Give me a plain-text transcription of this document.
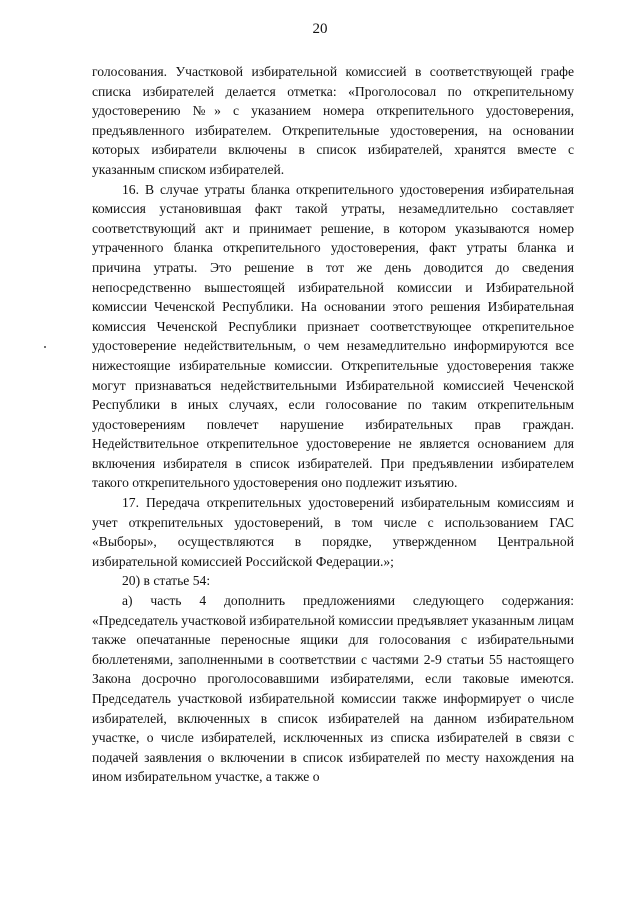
20

голосования. Участковой избирательной комиссией в соответствующей графе списка избирателей делается отметка: «Проголосовал по открепительному удостоверению №» с указанием номера открепительного удостоверения, предъявленного избирателем. Открепительные удостоверения, на основании которых избиратели включены в список избирателей, хранятся вместе с указанным списком избирателей.

16. В случае утраты бланка открепительного удостоверения избирательная комиссия установившая факт такой утраты, незамедлительно составляет соответствующий акт и принимает решение, в котором указываются номер утраченного бланка открепительного удостоверения, факт утраты бланка и причина утраты. Это решение в тот же день доводится до сведения непосредственно вышестоящей избирательной комиссии и Избирательной комиссии Чеченской Республики. На основании этого решения Избирательная комиссия Чеченской Республики признает соответствующее открепительное удостоверение недействительным, о чем незамедлительно информируются все нижестоящие избирательные комиссии. Открепительные удостоверения также могут признаваться недействительными Избирательной комиссией Чеченской Республики в иных случаях, если голосование по таким открепительным удостоверениям повлечет нарушение избирательных прав граждан. Недействительное открепительное удостоверение не является основанием для включения избирателя в список избирателей. При предъявлении избирателем такого открепительного удостоверения оно подлежит изъятию.

17. Передача открепительных удостоверений избирательным комиссиям и учет открепительных удостоверений, в том числе с использованием ГАС «Выборы», осуществляются в порядке, утвержденном Центральной избирательной комиссией Российской Федерации.»;

20) в статье 54:

а) часть 4 дополнить предложениями следующего содержания: «Председатель участковой избирательной комиссии предъявляет указанным лицам также опечатанные переносные ящики для голосования с избирательными бюллетенями, заполненными в соответствии с частями 2-9 статьи 55 настоящего Закона досрочно проголосовавшими избирателями, если таковые имеются. Председатель участковой избирательной комиссии также информирует о числе избирателей, включенных в список избирателей на данном избирательном участке, о числе избирателей, исключенных из списка избирателей в связи с подачей заявления о включении в список избирателей по месту нахождения на ином избирательном участке, а также о
